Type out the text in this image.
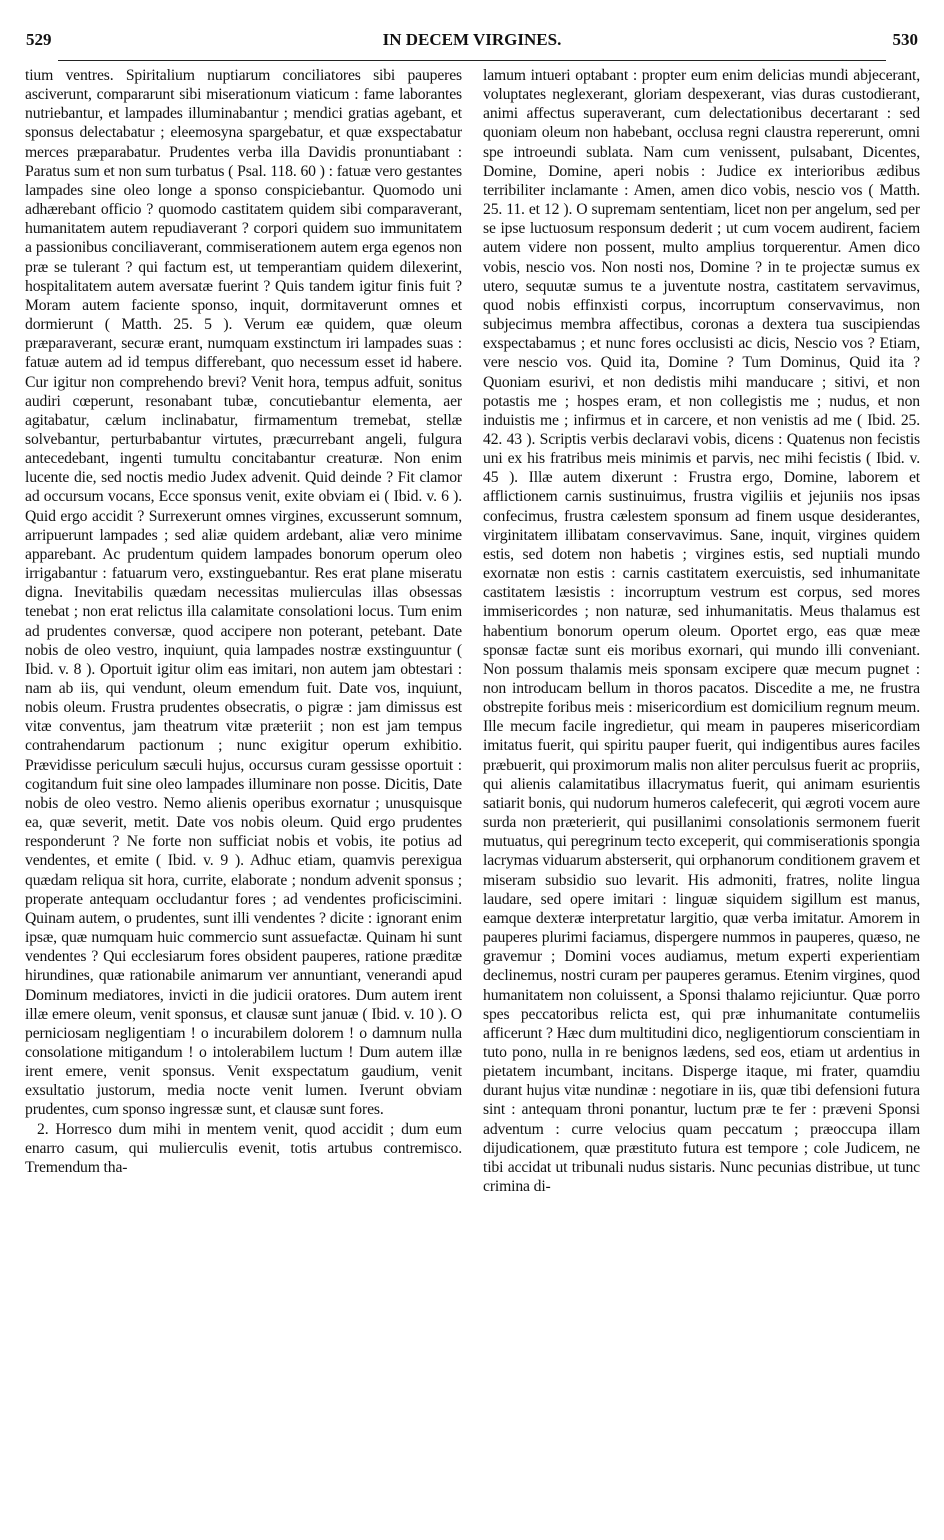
529	IN DECEM VIRGINES.	530

tium ventres. Spiritalium nuptiarum conciliatores sibi pauperes asciverunt, compararunt sibi miserationum viaticum : fame laborantes nutriebantur, et lampades illuminabantur ; mendici gratias agebant, et sponsus delectabatur ; eleemosyna spargebatur, et quæ exspectabatur merces præparabatur. Prudentes verba illa Davidis pronuntiabant : Paratus sum et non sum turbatus ( Psal. 118. 60 ) : fatuæ vero gestantes lampades sine oleo longe a sponso conspiciebantur. Quomodo uni adhærebant officio ? quomodo castitatem quidem sibi comparaverant, humanitatem autem repudiaverant ? corpori quidem suo immunitatem a passionibus conciliaverant, commiserationem autem erga egenos non præ se tulerant ? qui factum est, ut temperantiam quidem dilexerint, hospitalitatem autem aversatæ fuerint ? Quis tandem igitur finis fuit ? Moram autem faciente sponso, inquit, dormitaverunt omnes et dormierunt ( Matth. 25. 5 ). Verum eæ quidem, quæ oleum præparaverant, securæ erant, numquam exstinctum iri lampades suas : fatuæ autem ad id tempus differebant, quo necessum esset id habere. Cur igitur non comprehendo brevi? Venit hora, tempus adfuit, sonitus audiri cœperunt, resonabant tubæ, concutiebantur elementa, aer agitabatur, cælum inclinabatur, firmamentum tremebat, stellæ solvebantur, perturbabantur virtutes, præcurrebant angeli, fulgura antecedebant, ingenti tumultu concitabantur creaturæ. Non enim lucente die, sed noctis medio Judex advenit. Quid deinde ? Fit clamor ad occursum vocans, Ecce sponsus venit, exite obviam ei ( Ibid. v. 6 ). Quid ergo accidit ? Surrexerunt omnes virgines, excusserunt somnum, arripuerunt lampades ; sed aliæ quidem ardebant, aliæ vero minime apparebant. Ac prudentum quidem lampades bonorum operum oleo irrigabantur : fatuarum vero, exstinguebantur. Res erat plane miseratu digna. Inevitabilis quædam necessitas mulierculas illas obsessas tenebat ; non erat relictus illa calamitate consolationi locus. Tum enim ad prudentes conversæ, quod accipere non poterant, petebant. Date nobis de oleo vestro, inquiunt, quia lampades nostræ exstinguuntur ( Ibid. v. 8 ). Oportuit igitur olim eas imitari, non autem jam obtestari : nam ab iis, qui vendunt, oleum emendum fuit. Date vos, inquiunt, nobis oleum. Frustra prudentes obsecratis, o pigræ : jam dimissus est vitæ conventus, jam theatrum vitæ præteriit ; non est jam tempus contrahendarum pactionum ; nunc exigitur operum exhibitio. Prævidisse periculum sæculi hujus, occursus curam gessisse oportuit : cogitandum fuit sine oleo lampades illuminare non posse. Dicitis, Date nobis de oleo vestro. Nemo alienis operibus exornatur ; unusquisque ea, quæ severit, metit. Date vos nobis oleum. Quid ergo prudentes responderunt ? Ne forte non sufficiat nobis et vobis, ite potius ad vendentes, et emite ( Ibid. v. 9 ). Adhuc etiam, quamvis perexigua quædam reliqua sit hora, currite, elaborate ; nondum advenit sponsus ; properate antequam occludantur fores ; ad vendentes proficiscimini. Quinam autem, o prudentes, sunt illi vendentes ? dicite : ignorant enim ipsæ, quæ numquam huic commercio sunt assuefactæ. Quinam hi sunt vendentes ? Qui ecclesiarum fores obsident pauperes, ratione præditæ hirundines, quæ rationabile animarum ver annuntiant, venerandi apud Dominum mediatores, invicti in die judicii oratores. Dum autem irent illæ emere oleum, venit sponsus, et clausæ sunt januæ ( Ibid. v. 10 ). O perniciosam negligentiam ! o incurabilem dolorem ! o damnum nulla consolatione mitigandum ! o intolerabilem luctum ! Dum autem illæ irent emere, venit sponsus. Venit exspectatum gaudium, venit exsultatio justorum, media nocte venit lumen. Iverunt obviam prudentes, cum sponso ingressæ sunt, et clausæ sunt fores.

2. Horresco dum mihi in mentem venit, quod accidit ; dum eum enarro casum, qui mulierculis evenit, totis artubus contremisco. Tremendum tha-

lamum intueri optabant : propter eum enim delicias mundi abjecerant, voluptates neglexerant, gloriam despexerant, vias duras custodierant, animi affectus superaverant, cum delectationibus decertarant : sed quoniam oleum non habebant, occlusa regni claustra repererunt, omni spe introeundi sublata. Nam cum venissent, pulsabant, Dicentes, Domine, Domine, aperi nobis : Judice ex interioribus ædibus terribiliter inclamante : Amen, amen dico vobis, nescio vos ( Matth. 25. 11. et 12 ). O supremam sententiam, licet non per angelum, sed per se ipse luctuosum responsum dederit ; ut cum vocem audirent, faciem autem videre non possent, multo amplius torquerentur. Amen dico vobis, nescio vos. Non nosti nos, Domine ? in te projectæ sumus ex utero, sequutæ sumus te a juventute nostra, castitatem servavimus, quod nobis effinxisti corpus, incorruptum conservavimus, non subjecimus membra affectibus, coronas a dextera tua suscipiendas exspectabamus ; et nunc fores occlusisti ac dicis, Nescio vos ? Etiam, vere nescio vos. Quid ita, Domine ? Tum Dominus, Quid ita ? Quoniam esurivi, et non dedistis mihi manducare ; sitivi, et non potastis me ; hospes eram, et non collegistis me ; nudus, et non induistis me ; infirmus et in carcere, et non venistis ad me ( Ibid. 25. 42. 43 ). Scriptis verbis declaravi vobis, dicens : Quatenus non fecistis uni ex his fratribus meis minimis et parvis, nec mihi fecistis ( Ibid. v. 45 ). Illæ autem dixerunt : Frustra ergo, Domine, laborem et afflictionem carnis sustinuimus, frustra vigiliis et jejuniis nos ipsas confecimus, frustra cælestem sponsum ad finem usque desiderantes, virginitatem illibatam conservavimus. Sane, inquit, virgines quidem estis, sed dotem non habetis ; virgines estis, sed nuptiali mundo exornatæ non estis : carnis castitatem exercuistis, sed inhumanitate castitatem læsistis : incorruptum vestrum est corpus, sed mores immisericordes ; non naturæ, sed inhumanitatis. Meus thalamus est habentium bonorum operum oleum. Oportet ergo, eas quæ meæ sponsæ factæ sunt eis moribus exornari, qui mundo illi conveniant. Non possum thalamis meis sponsam excipere quæ mecum pugnet : non introducam bellum in thoros pacatos. Discedite a me, ne frustra obstrepite foribus meis : misericordium est domicilium regnum meum. Ille mecum facile ingredietur, qui meam in pauperes misericordiam imitatus fuerit, qui spiritu pauper fuerit, qui indigentibus aures faciles præbuerit, qui proximorum malis non aliter perculsus fuerit ac propriis, qui alienis calamitatibus illacrymatus fuerit, qui animam esurientis satiarit bonis, qui nudorum humeros calefecerit, qui ægroti vocem aure surda non præterierit, qui pusillanimi consolationis sermonem fuerit mutuatus, qui peregrinum tecto exceperit, qui commiserationis spongia lacrymas viduarum absterserit, qui orphanorum conditionem gravem et miseram subsidio suo levarit. His admoniti, fratres, nolite lingua laudare, sed opere imitari : linguæ siquidem sigillum est manus, eamque dexteræ interpretatur largitio, quæ verba imitatur. Amorem in pauperes plurimi faciamus, dispergere nummos in pauperes, quæso, ne gravemur ; Domini voces audiamus, metum experti experientiam declinemus, nostri curam per pauperes geramus. Etenim virgines, quod humanitatem non coluissent, a Sponsi thalamo rejiciuntur. Quæ porro spes peccatoribus relicta est, qui præ inhumanitate contumeliis afficerunt ? Hæc dum multitudini dico, negligentiorum conscientiam in tuto pono, nulla in re benignos lædens, sed eos, etiam ut ardentius in pietatem incumbant, incitans. Disperge itaque, mi frater, quamdiu durant hujus vitæ nundinæ : negotiare in iis, quæ tibi defensioni futura sint : antequam throni ponantur, luctum præ te fer : præveni Sponsi adventum : curre velocius quam peccatum ; præoccupa illam dijudicationem, quæ præstituto futura est tempore ; cole Judicem, ne tibi accidat ut tribunali nudus sistaris. Nunc pecunias distribue, ut tunc crimina di-
